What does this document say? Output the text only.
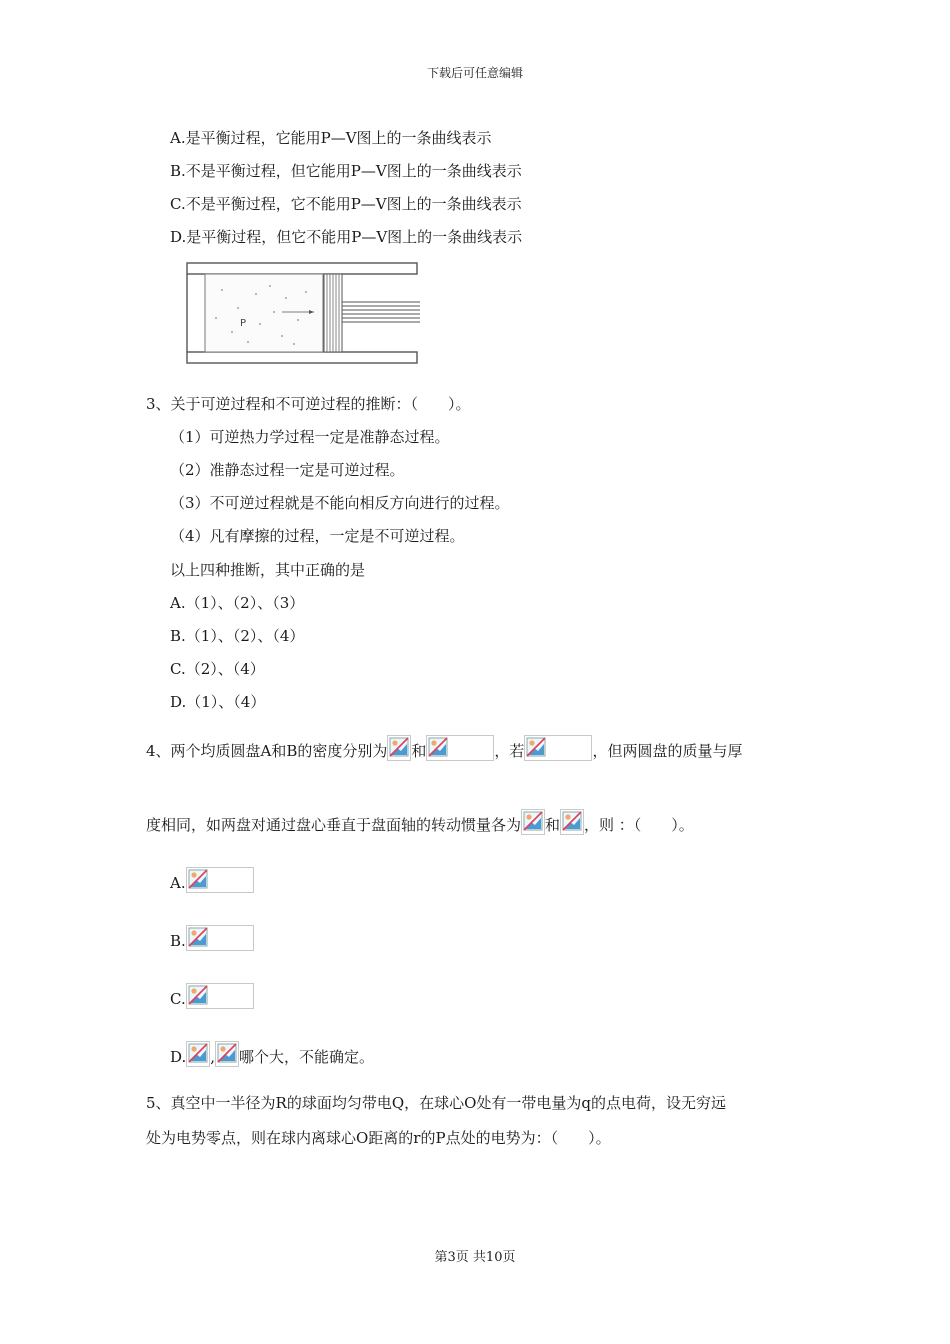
下载后可任意编辑
A.是平衡过程，它能用P—V图上的一条曲线表示
B.不是平衡过程，但它能用P—V图上的一条曲线表示
C.不是平衡过程，它不能用P—V图上的一条曲线表示
D.是平衡过程，但它不能用P—V图上的一条曲线表示
P
3、关于可逆过程和不可逆过程的推断：（　　）。
（1）可逆热力学过程一定是准静态过程。
（2）准静态过程一定是可逆过程。
（3）不可逆过程就是不能向相反方向进行的过程。
（4）凡有摩擦的过程，一定是不可逆过程。
以上四种推断，其中正确的是
A.（1）、（2）、（3）
B.（1）、（2）、（4）
C.（2）、（4）
D.（1）、（4）
4、两个均质圆盘A和B的密度分别为 和	，若	，但两圆盘的质量与厚
度相同，如两盘对通过盘心垂直于盘面轴的转动惯量各为 和 ，则 ：（　　）。
A.
B.
C.
D. , 哪个大，不能确定。
5、真空中一半径为R的球面均匀带电Q，在球心O处有一带电量为q的点电荷，设无穷远
处为电势零点，则在球内离球心O距离的r的P点处的电势为：（　　）。
第3页 共10页
